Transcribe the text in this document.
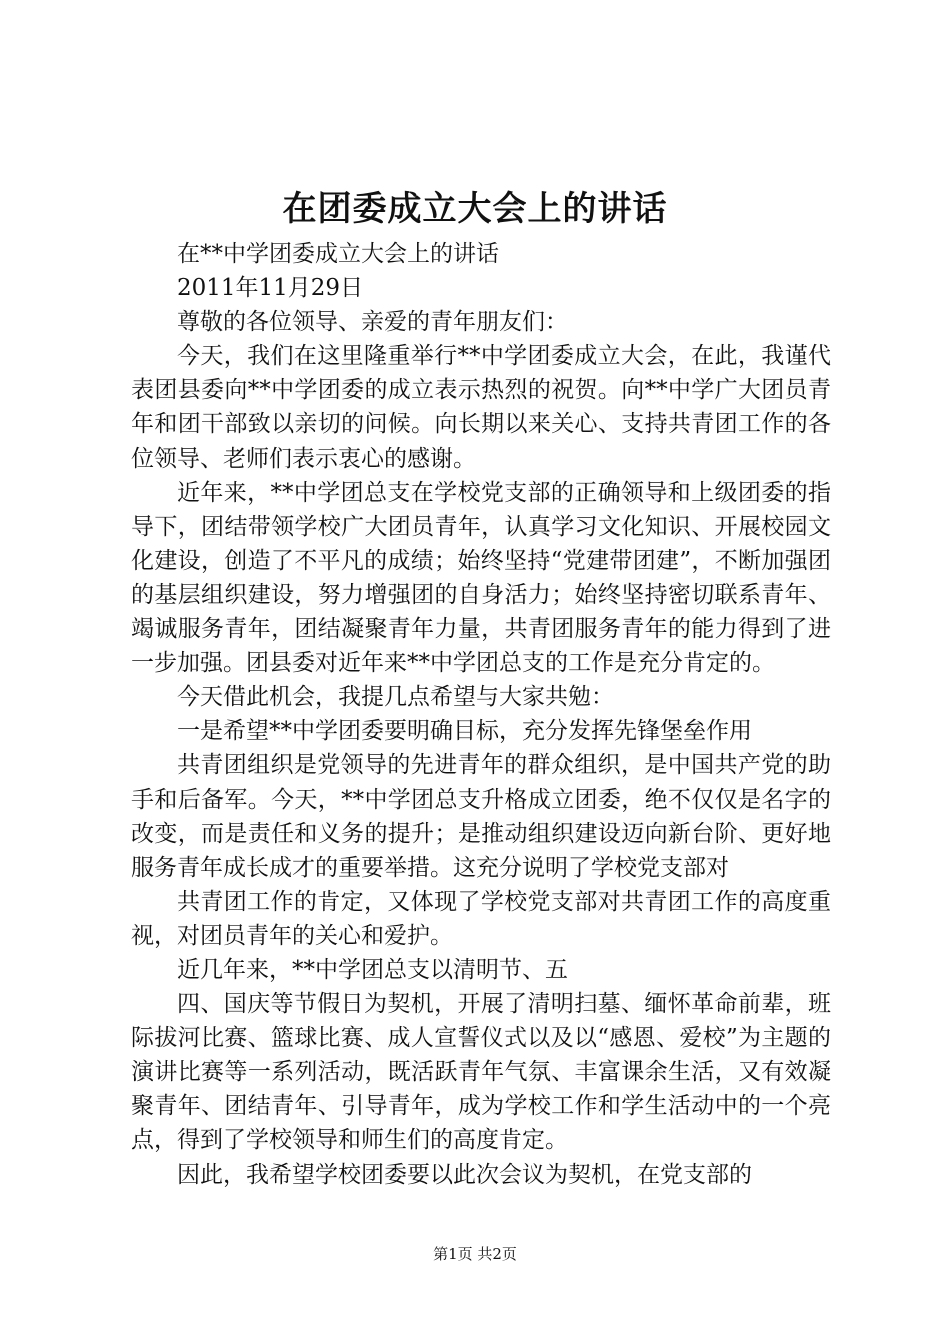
在团委成立大会上的讲话

在**中学团委成立大会上的讲话

2011年11月29日

尊敬的各位领导、亲爱的青年朋友们：

今天，我们在这里隆重举行**中学团委成立大会，在此，我谨代表团县委向**中学团委的成立表示热烈的祝贺。向**中学广大团员青年和团干部致以亲切的问候。向长期以来关心、支持共青团工作的各位领导、老师们表示衷心的感谢。

近年来，**中学团总支在学校党支部的正确领导和上级团委的指导下，团结带领学校广大团员青年，认真学习文化知识、开展校园文化建设，创造了不平凡的成绩；始终坚持“党建带团建”，不断加强团的基层组织建设，努力增强团的自身活力；始终坚持密切联系青年、竭诚服务青年，团结凝聚青年力量，共青团服务青年的能力得到了进一步加强。团县委对近年来**中学团总支的工作是充分肯定的。

今天借此机会，我提几点希望与大家共勉：

一是希望**中学团委要明确目标，充分发挥先锋堡垒作用

共青团组织是党领导的先进青年的群众组织，是中国共产党的助手和后备军。今天，**中学团总支升格成立团委，绝不仅仅是名字的改变，而是责任和义务的提升；是推动组织建设迈向新台阶、更好地服务青年成长成才的重要举措。这充分说明了学校党支部对

共青团工作的肯定，又体现了学校党支部对共青团工作的高度重视，对团员青年的关心和爱护。

近几年来，**中学团总支以清明节、五

四、国庆等节假日为契机，开展了清明扫墓、缅怀革命前辈，班际拔河比赛、篮球比赛、成人宣誓仪式以及以“感恩、爱校”为主题的演讲比赛等一系列活动，既活跃青年气氛、丰富课余生活，又有效凝聚青年、团结青年、引导青年，成为学校工作和学生活动中的一个亮点，得到了学校领导和师生们的高度肯定。

因此，我希望学校团委要以此次会议为契机，在党支部的

第1页 共2页
